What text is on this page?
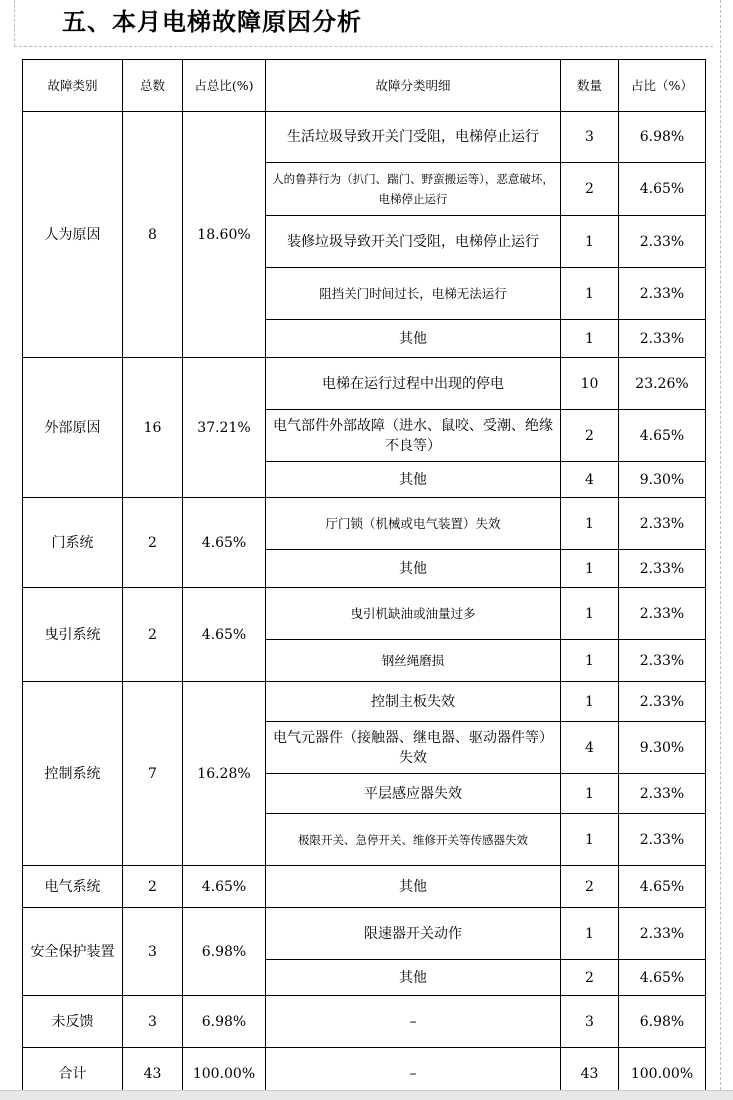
五、本月电梯故障原因分析
故障类别	总数	占总比(%)	故障分类明细	数量	占比（%）
人为原因	8	18.60%	生活垃圾导致开关门受阻，电梯停止运行	3	6.98%
			人的鲁莽行为（扒门、踹门、野蛮搬运等），恶意破坏，电梯停止运行	2	4.65%
			装修垃圾导致开关门受阻，电梯停止运行	1	2.33%
			阻挡关门时间过长，电梯无法运行	1	2.33%
			其他	1	2.33%
外部原因	16	37.21%	电梯在运行过程中出现的停电	10	23.26%
			电气部件外部故障（进水、鼠咬、受潮、绝缘不良等）	2	4.65%
			其他	4	9.30%
门系统	2	4.65%	厅门锁（机械或电气装置）失效	1	2.33%
			其他	1	2.33%
曳引系统	2	4.65%	曳引机缺油或油量过多	1	2.33%
			钢丝绳磨损	1	2.33%
控制系统	7	16.28%	控制主板失效	1	2.33%
			电气元器件（接触器、继电器、驱动器件等）失效	4	9.30%
			平层感应器失效	1	2.33%
			极限开关、急停开关、维修开关等传感器失效	1	2.33%
电气系统	2	4.65%	其他	2	4.65%
安全保护装置	3	6.98%	限速器开关动作	1	2.33%
			其他	2	4.65%
未反馈	3	6.98%	–	3	6.98%
合计	43	100.00%	–	43	100.00%
